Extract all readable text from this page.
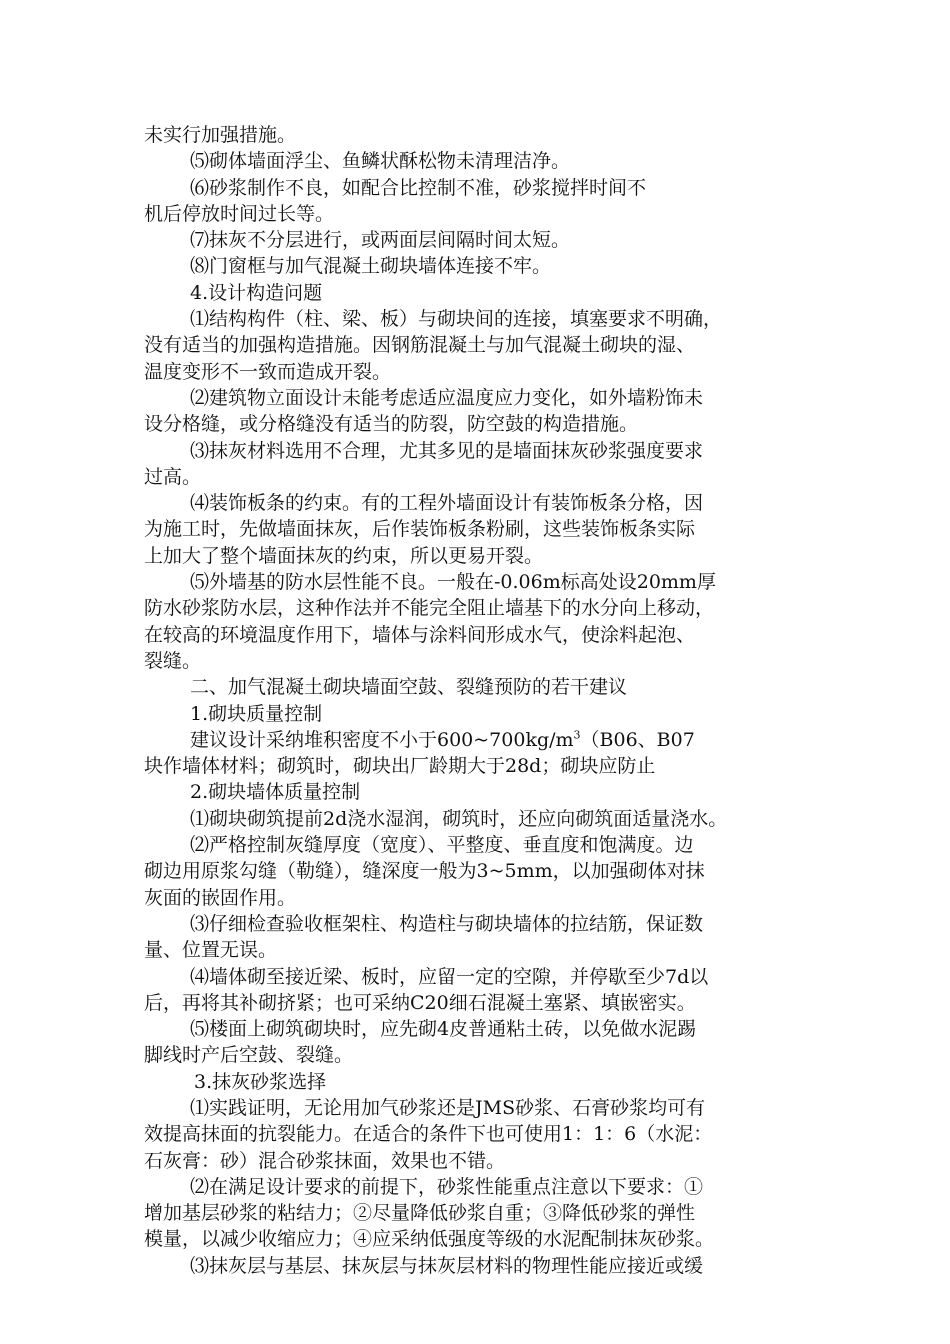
未实行加强措施。
⑸砌体墙面浮尘、鱼鳞状酥松物未清理洁净。
⑹砂浆制作不良，如配合比控制不准，砂浆搅拌时间不
机后停放时间过长等。
⑺抹灰不分层进行，或两面层间隔时间太短。
⑻门窗框与加气混凝土砌块墙体连接不牢。
4.设计构造问题
⑴结构构件（柱、梁、板）与砌块间的连接，填塞要求不明确，
没有适当的加强构造措施。因钢筋混凝土与加气混凝土砌块的湿、
温度变形不一致而造成开裂。
⑵建筑物立面设计未能考虑适应温度应力变化，如外墙粉饰未
设分格缝，或分格缝没有适当的防裂，防空鼓的构造措施。
⑶抹灰材料选用不合理，尤其多见的是墙面抹灰砂浆强度要求
过高。
⑷装饰板条的约束。有的工程外墙面设计有装饰板条分格，因
为施工时，先做墙面抹灰，后作装饰板条粉刷，这些装饰板条实际
上加大了整个墙面抹灰的约束，所以更易开裂。
⑸外墙基的防水层性能不良。一般在-0.06m标高处设20mm厚
防水砂浆防水层，这种作法并不能完全阻止墙基下的水分向上移动，
在较高的环境温度作用下，墙体与涂料间形成水气，使涂料起泡、
裂缝。
二、加气混凝土砌块墙面空鼓、裂缝预防的若干建议
1.砌块质量控制
建议设计采纳堆积密度不小于$600\sim 700kg/m^3(B06$、B07
块作墙体材料；砌筑时，砌块出厂龄期大于28d；砌块应防止
2.砌块墙体质量控制
⑴砌块砌筑提前2d浇水湿润，砌筑时，还应向砌筑面适量浇水。
⑵严格控制灰缝厚度（宽度）、平整度、垂直度和饱满度。边
砌边用原浆勾缝（勒缝），缝深度一般为3~5mm，以加强砌体对抹
灰面的嵌固作用。
⑶仔细检查验收框架柱、构造柱与砌块墙体的拉结筋，保证数
量、位置无误。
⑷墙体砌至接近梁、板时，应留一定的空隙，并停歇至少7d以
后，再将其补砌挤紧；也可采纳C20细石混凝土塞紧、填嵌密实。
⑸楼面上砌筑砌块时，应先砌4皮普通粘土砖，以免做水泥踢
脚线时产后空鼓、裂缝。
3.抹灰砂浆选择
⑴实践证明，无论用加气砂浆还是JMS砂浆、石膏砂浆均可有
效提高抹面的抗裂能力。在适合的条件下也可使用1：1：6（水泥：
石灰膏：砂）混合砂浆抹面，效果也不错。
⑵在满足设计要求的前提下，砂浆性能重点注意以下要求：①
增加基层砂浆的粘结力；②尽量降低砂浆自重；③降低砂浆的弹性
模量，以减少收缩应力；④应采纳低强度等级的水泥配制抹灰砂浆。
⑶抹灰层与基层、抹灰层与抹灰层材料的物理性能应接近或缓
